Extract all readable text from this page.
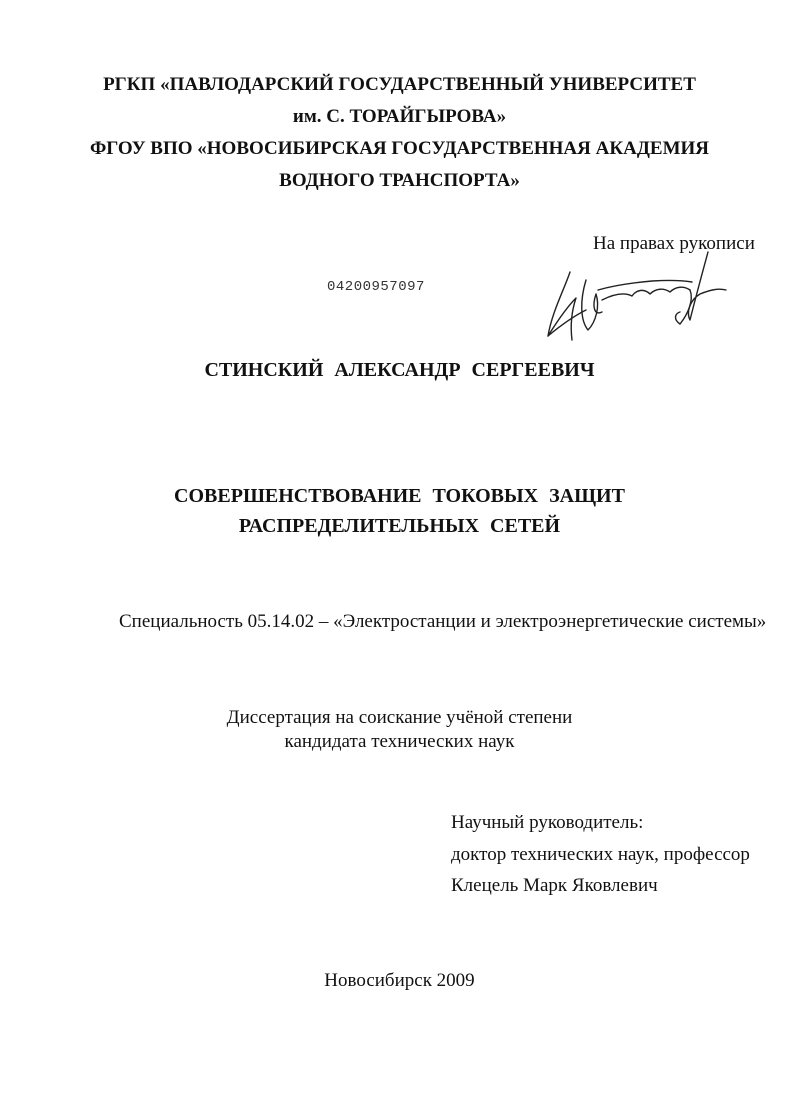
РГКП «ПАВЛОДАРСКИЙ ГОСУДАРСТВЕННЫЙ УНИВЕРСИТЕТ
им. С. ТОРАЙГЫРОВА»
ФГОУ ВПО «НОВОСИБИРСКАЯ ГОСУДАРСТВЕННАЯ АКАДЕМИЯ
ВОДНОГО ТРАНСПОРТА»
На правах рукописи
04200957097
СТИНСКИЙ АЛЕКСАНДР СЕРГЕЕВИЧ
СОВЕРШЕНСТВОВАНИЕ ТОКОВЫХ ЗАЩИТ
РАСПРЕДЕЛИТЕЛЬНЫХ СЕТЕЙ
Специальность 05.14.02 – «Электростанции и электроэнергетические системы»
Диссертация на соискание учёной степени
кандидата технических наук
Научный руководитель:
доктор технических наук, профессор
Клецель Марк Яковлевич
Новосибирск 2009
